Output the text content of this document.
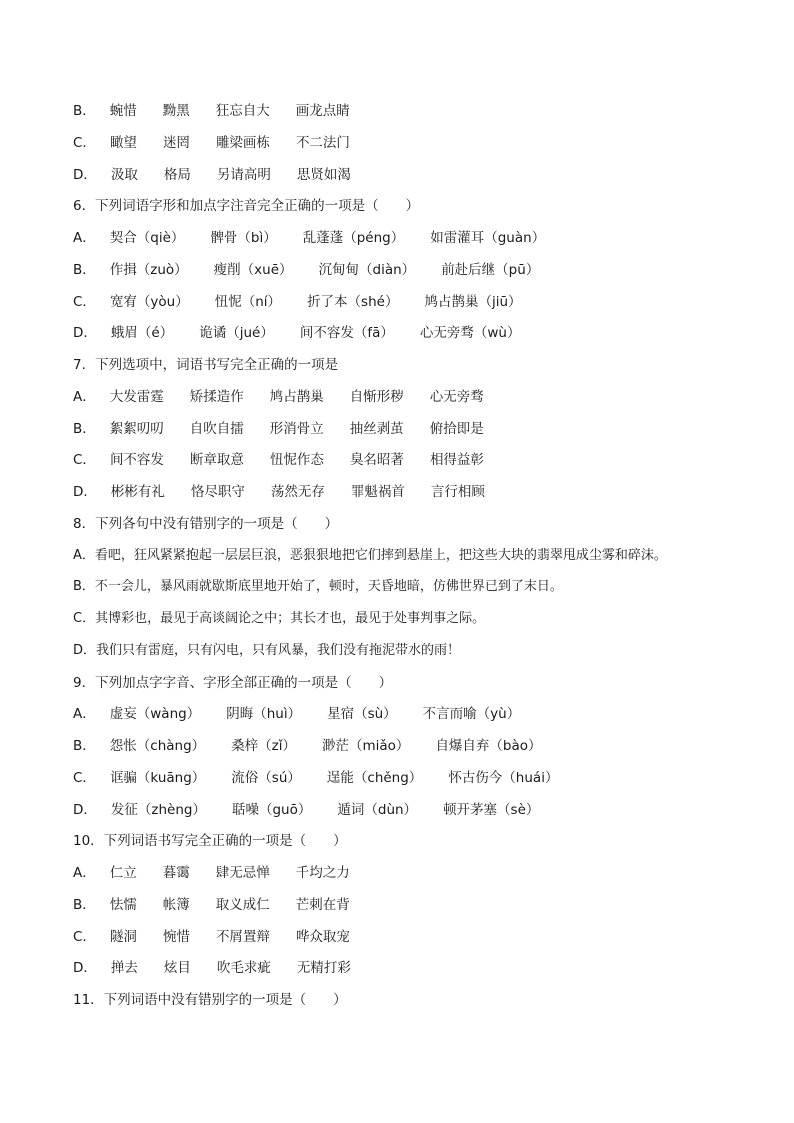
B． 蜿惜 黝黑 狂忘自大 画龙点睛
C． 瞰望 迷罔 雕梁画栋 不二法门
D． 汲取 格局 另请高明 思贤如渴
6．下列词语字形和加点字注音完全正确的一项是（　　）
A． 契合（qiè） 髀骨（bì） 乱蓬蓬（péng） 如雷灌耳（guàn）
B． 作揖（zuò） 瘦削（xuē） 沉甸甸（diàn） 前赴后继（pū）
C． 宽宥（yòu） 忸怩（ní） 折了本（shé） 鸠占鹊巢（jiū）
D． 蛾眉（é） 诡谲（jué） 间不容发（fā） 心无旁骛（wù）
7．下列选项中，词语书写完全正确的一项是
A． 大发雷霆 矫揉造作 鸠占鹊巢 自惭形秽 心无旁骛
B． 絮絮叨叨 自吹自擂 形消骨立 抽丝剥茧 俯拾即是
C． 间不容发 断章取意 忸怩作态 臭名昭著 相得益彰
D． 彬彬有礼 恪尽职守 荡然无存 罪魁祸首 言行相顾
8．下列各句中没有错别字的一项是（　　）
A．看吧，狂风紧紧抱起一层层巨浪，恶狠狠地把它们摔到悬崖上，把这些大块的翡翠甩成尘雾和碎沫。
B．不一会儿，暴风雨就歇斯底里地开始了，顿时，天昏地暗，仿佛世界已到了末日。
C．其博彩也，最见于高谈阔论之中；其长才也，最见于处事判事之际。
D．我们只有雷庭，只有闪电，只有风暴，我们没有拖泥带水的雨！
9．下列加点字字音、字形全部正确的一项是（　　）
A． 虚妄（wàng） 阴晦（huì） 星宿（sù） 不言而喻（yù）
B． 怨怅（chàng） 桑梓（zǐ） 渺茫（miǎo） 自爆自弃（bào）
C． 诓骗（kuāng） 流俗（sú） 逞能（chěng） 怀古伤今（huái）
D． 发征（zhèng） 聒噪（guō） 遁词（dùn） 顿开茅塞（sè）
10．下列词语书写完全正确的一项是（　　）
A． 仁立 暮霭 肆无忌惮 千均之力
B． 怯懦 帐簿 取义成仁 芒刺在背
C． 隧洞 惋惜 不屑置辩 哗众取宠
D． 掸去 炫目 吹毛求疵 无精打彩
11．下列词语中没有错别字的一项是（　　）
